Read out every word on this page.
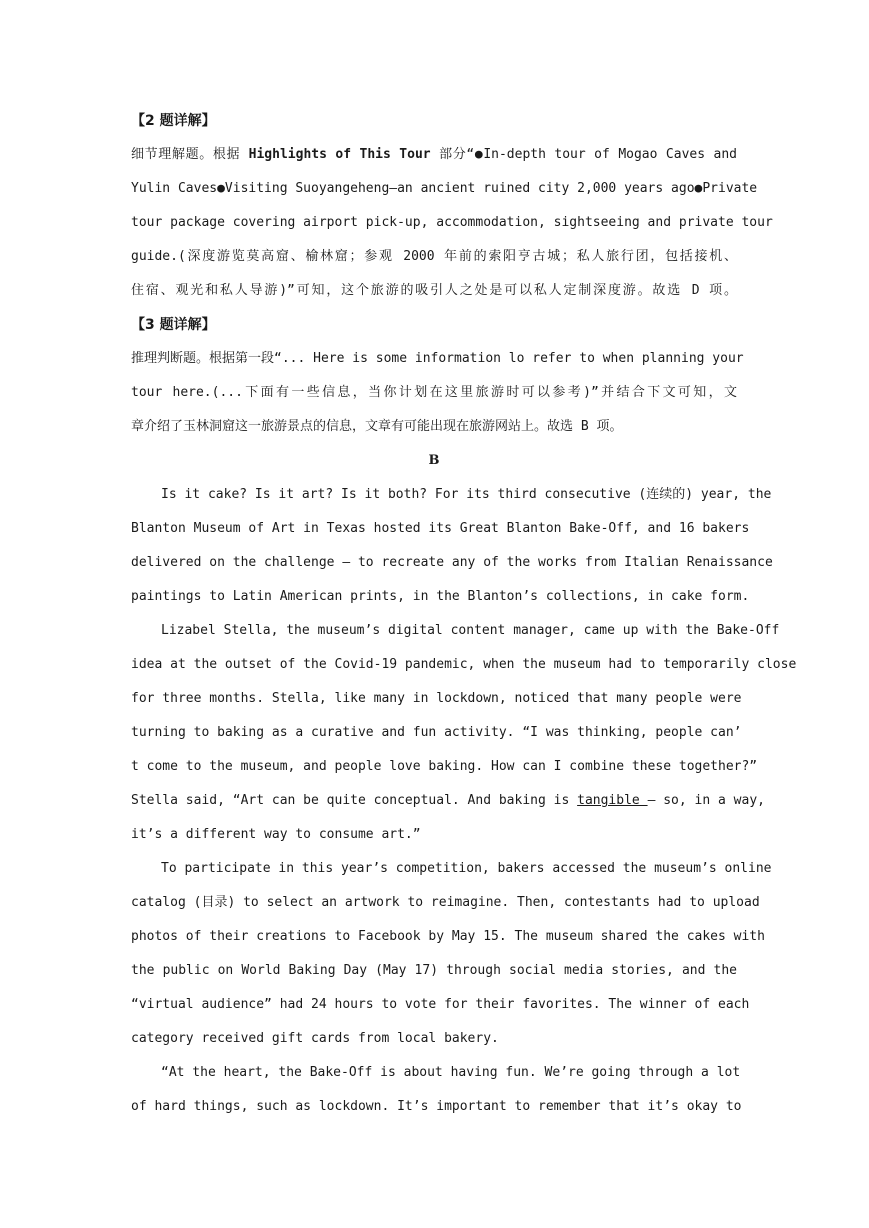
【2 题详解】
细节理解题。根据 Highlights of This Tour 部分“●In-depth tour of Mogao Caves and
Yulin Caves●Visiting Suoyangeheng—an ancient ruined city 2,000 years ago●Private
tour package covering airport pick-up, accommodation, sightseeing and private tour
guide.(深度游览莫高窟、榆林窟；参观 2000 年前的索阳亨古城；私人旅行团，包括接机、
住宿、观光和私人导游)”可知，这个旅游的吸引人之处是可以私人定制深度游。故选 D 项。
【3 题详解】
推理判断题。根据第一段“... Here is some information lo refer to when planning your
tour here.(...下面有一些信息，当你计划在这里旅游时可以参考)”并结合下文可知，文
章介绍了玉林洞窟这一旅游景点的信息，文章有可能出现在旅游网站上。故选 B 项。
B
Is it cake? Is it art? Is it both? For its third consecutive (连续的) year, the
Blanton Museum of Art in Texas hosted its Great Blanton Bake-Off, and 16 bakers
delivered on the challenge — to recreate any of the works from Italian Renaissance
paintings to Latin American prints, in the Blanton’s collections, in cake form.
Lizabel Stella, the museum’s digital content manager, came up with the Bake-Off
idea at the outset of the Covid-19 pandemic, when the museum had to temporarily close
for three months. Stella, like many in lockdown, noticed that many people were
turning to baking as a curative and fun activity. “I was thinking, people can’
t come to the museum, and people love baking. How can I combine these together?”
Stella said, “Art can be quite conceptual. And baking is tangible — so, in a way,
it’s a different way to consume art.”
To participate in this year’s competition, bakers accessed the museum’s online
catalog (目录) to select an artwork to reimagine. Then, contestants had to upload
photos of their creations to Facebook by May 15. The museum shared the cakes with
the public on World Baking Day (May 17) through social media stories, and the
“virtual audience” had 24 hours to vote for their favorites. The winner of each
category received gift cards from local bakery.
“At the heart, the Bake-Off is about having fun. We’re going through a lot
of hard things, such as lockdown. It’s important to remember that it’s okay to
